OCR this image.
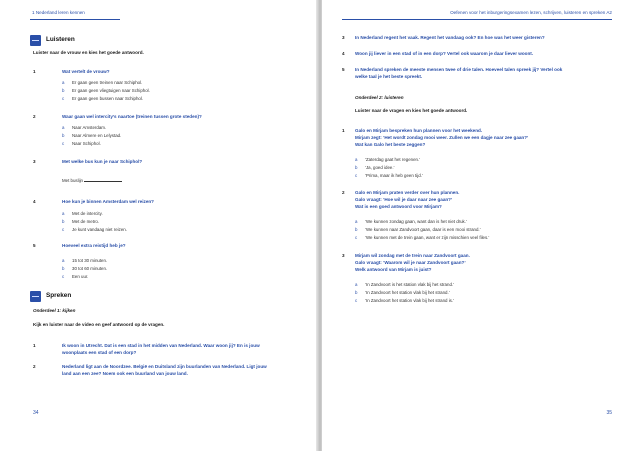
1 Nederland leren kennen
Luisteren
Luister naar de vrouw en kies het goede antwoord.
1	Wat vertelt de vrouw?
a Er gaan geen treinen naar Schiphol.
b Er gaan geen vliegtuigen naar Schiphol.
c Er gaan geen bussen naar Schiphol.
2	Waar gaan wel intercity’s naartoe (treinen tussen grote steden)?
a Naar Amsterdam.
b Naar Almere en Lelystad.
c Naar Schiphol.
3	Met welke bus kun je naar Schiphol?
Met buslijn
4	Hoe kun je binnen Amsterdam wel reizen?
a Met de intercity.
b Met de metro.
c Je kunt vandaag niet reizen.
5	Hoeveel extra reistijd heb je?
a 15 tot 30 minuten.
b 30 tot 60 minuten.
c Een uur.
Spreken
Onderdeel 1: kijken
Kijk en luister naar de video en geef antwoord op de vragen.
1	Ik woon in Utrecht. Dat is een stad in het midden van Nederland. Waar woon jij? En is jouw
woonplaats een stad of een dorp?
2	Nederland ligt aan de Noordzee. België en Duitsland zijn buurlanden van Nederland. Ligt jouw
land aan een zee? Noem ook een buurland van jouw land.
34
Oefenen voor het inburgeringsexamen lezen, schrijven, luisteren en spreken A2
3 In Nederland regent het vaak. Regent het vandaag ook? En hoe was het weer gisteren?
4 Woon jij liever in een stad of in een dorp? Vertel ook waarom je daar liever woont.
5 In Nederland spreken de meeste mensen twee of drie talen. Hoeveel talen spreek jij? Vertel ook
welke taal je het beste spreekt.
Onderdeel 2: luisteren
Luister naar de vragen en kies het goede antwoord.
1 Galo en Mirjam bespreken hun plannen voor het weekend.
Mirjam zegt: ‘Het wordt zondag mooi weer. Zullen we een dagje naar zee gaan?’
Wat kan Galo het beste zeggen?
a ‘Zaterdag gaat het regenen.’
b ‘Ja, goed idee.’
c ‘Prima, maar ik heb geen tijd.’
2 Galo en Mirjam praten verder over hun plannen.
Galo vraagt: ‘Hoe wil je daar naar zee gaan?’
Wat is een goed antwoord voor Mirjam?
a ‘We kunnen zondag gaan, want dan is het niet druk.’
b ‘We kunnen naar Zandvoort gaan, daar is een mooi strand.’
c ‘We kunnen met de trein gaan, want er zijn misschien veel files.’
3 Mirjam wil zondag met de trein naar Zandvoort gaan.
Galo vraagt: ‘Waarom wil je naar Zandvoort gaan?’
Welk antwoord van Mirjam is juist?
a ‘In Zandvoort is het station vlak bij het strand.’
b ‘In Zandvoort het station vlak bij het strand.’
c ‘In Zandvoort het station vlak bij het strand is.’
35
